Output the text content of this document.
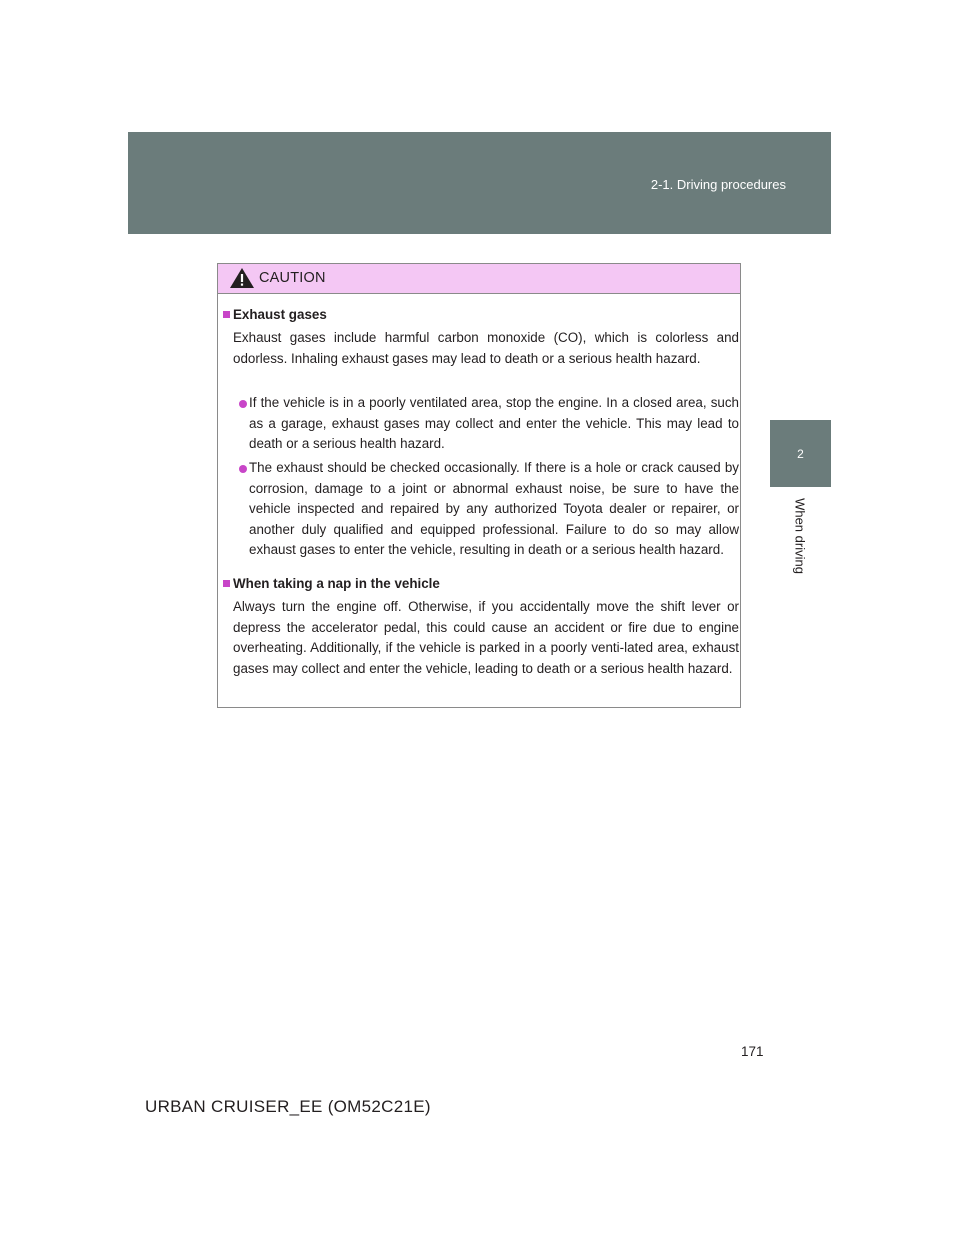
2-1. Driving procedures
2
When driving
CAUTION
Exhaust gases
Exhaust gases include harmful carbon monoxide (CO), which is colorless and odorless. Inhaling exhaust gases may lead to death or a serious health hazard.
If the vehicle is in a poorly ventilated area, stop the engine. In a closed area, such as a garage, exhaust gases may collect and enter the vehicle. This may lead to death or a serious health hazard.
The exhaust should be checked occasionally. If there is a hole or crack caused by corrosion, damage to a joint or abnormal exhaust noise, be sure to have the vehicle inspected and repaired by any authorized Toyota dealer or repairer, or another duly qualified and equipped professional. Failure to do so may allow exhaust gases to enter the vehicle, resulting in death or a serious health hazard.
When taking a nap in the vehicle
Always turn the engine off. Otherwise, if you accidentally move the shift lever or depress the accelerator pedal, this could cause an accident or fire due to engine overheating. Additionally, if the vehicle is parked in a poorly venti-lated area, exhaust gases may collect and enter the vehicle, leading to death or a serious health hazard.
171
URBAN CRUISER_EE (OM52C21E)
